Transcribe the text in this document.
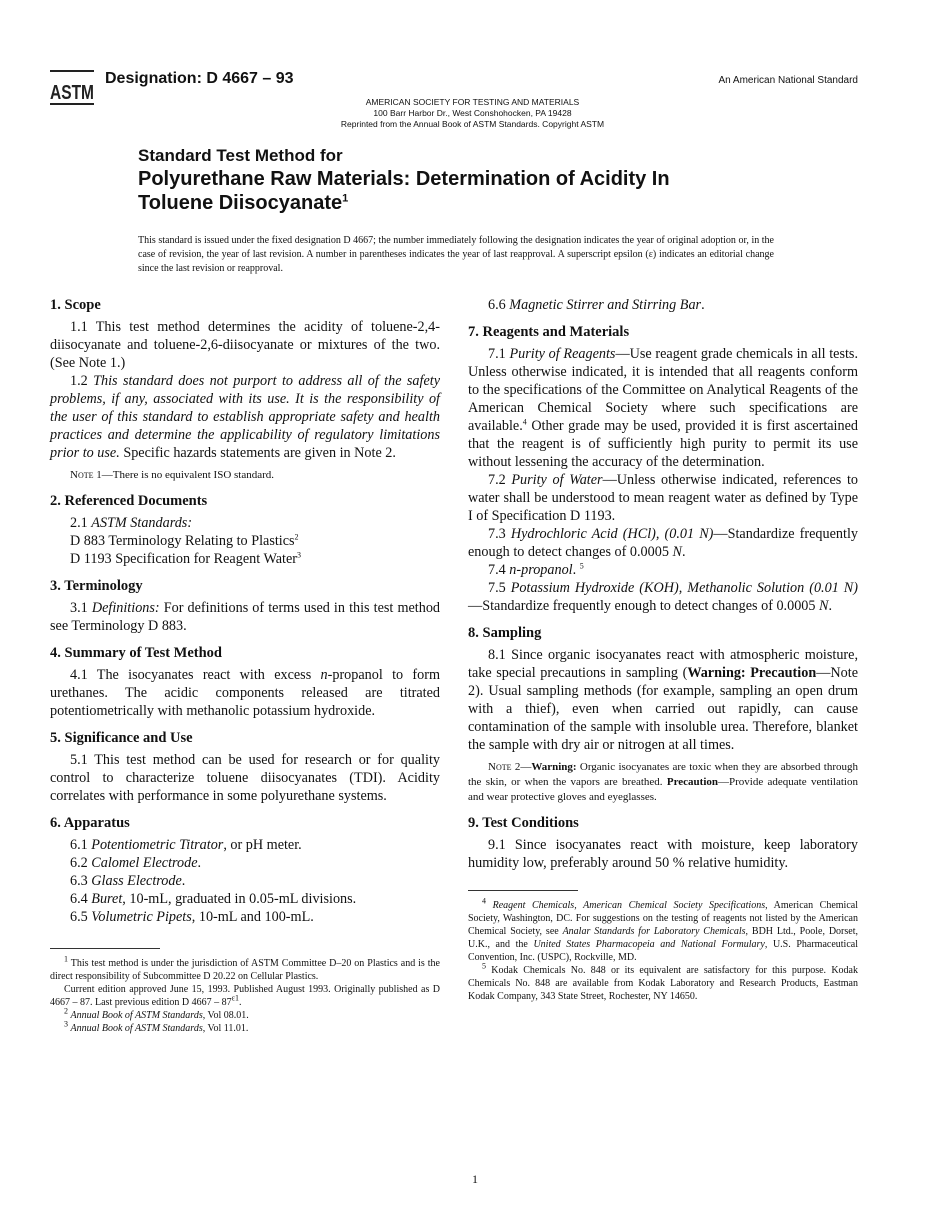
ASTM
Designation: D 4667 – 93	An American National Standard
AMERICAN SOCIETY FOR TESTING AND MATERIALS
100 Barr Harbor Dr., West Conshohocken, PA 19428
Reprinted from the Annual Book of ASTM Standards. Copyright ASTM
Standard Test Method for
Polyurethane Raw Materials: Determination of Acidity In
Toluene Diisocyanate$^1$
This standard is issued under the fixed designation D 4667; the number immediately following the designation indicates the year of original adoption or, in the case of revision, the year of last revision. A number in parentheses indicates the year of last reapproval. A superscript epsilon (ε) indicates an editorial change since the last revision or reapproval.
1. Scope

1.1 This test method determines the acidity of toluene-2,4-diisocyanate and toluene-2,6-diisocyanate or mixtures of the two. (See Note 1.)

1.2 This standard does not purport to address all of the safety problems, if any, associated with its use. It is the responsibility of the user of this standard to establish appropriate safety and health practices and determine the applicability of regulatory limitations prior to use. Specific hazards statements are given in Note 2.

Note 1—There is no equivalent ISO standard.

2. Referenced Documents

2.1 ASTM Standards:

D 883 Terminology Relating to Plastics$^2$

D 1193 Specification for Reagent Water$^3$

3. Terminology

3.1 Definitions: For definitions of terms used in this test method see Terminology D 883.

4. Summary of Test Method

4.1 The isocyanates react with excess n-propanol to form urethanes. The acidic components released are titrated potentiometrically with methanolic potassium hydroxide.

5. Significance and Use

5.1 This test method can be used for research or for quality control to characterize toluene diisocyanates (TDI). Acidity correlates with performance in some polyurethane systems.

6. Apparatus

6.1 Potentiometric Titrator, or pH meter.

6.2 Calomel Electrode.

6.3 Glass Electrode.

6.4 Buret, 10-mL, graduated in 0.05-mL divisions.

6.5 Volumetric Pipets, 10-mL and 100-mL.

$^1$ This test method is under the jurisdiction of ASTM Committee D–20 on Plastics and is the direct responsibility of Subcommittee D 20.22 on Cellular Plastics.

Current edition approved June 15, 1993. Published August 1993. Originally published as D 4667 – 87. Last previous edition D $4667 - 87^{\varepsilon 1}$.

$^2$ Annual Book of ASTM Standards, Vol 08.01.

$^3$ Annual Book of ASTM Standards, Vol 11.01.

6.6 Magnetic Stirrer and Stirring Bar.

7. Reagents and Materials

7.1 Purity of Reagents—Use reagent grade chemicals in all tests. Unless otherwise indicated, it is intended that all reagents conform to the specifications of the Committee on Analytical Reagents of the American Chemical Society where such specifications are available.$^4$ Other grade may be used, provided it is first ascertained that the reagent is of sufficiently high purity to permit its use without lessening the accuracy of the determination.

7.2 Purity of Water—Unless otherwise indicated, references to water shall be understood to mean reagent water as defined by Type I of Specification D 1193.

7.3 Hydrochloric Acid (HCl), (0.01 N)—Standardize frequently enough to detect changes of 0.0005 N.

7.4 n-propanol. $^5$

7.5 Potassium Hydroxide (KOH), Methanolic Solution (0.01 N)—Standardize frequently enough to detect changes of 0.0005 N.

8. Sampling

8.1 Since organic isocyanates react with atmospheric moisture, take special precautions in sampling (Warning: Precaution—Note 2). Usual sampling methods (for example, sampling an open drum with a thief), even when carried out rapidly, can cause contamination of the sample with insoluble urea. Therefore, blanket the sample with dry air or nitrogen at all times.

Note 2—Warning: Organic isocyanates are toxic when they are absorbed through the skin, or when the vapors are breathed. Precaution—Provide adequate ventilation and wear protective gloves and eyeglasses.

9. Test Conditions

9.1 Since isocyanates react with moisture, keep laboratory humidity low, preferably around 50 % relative humidity.

$^4$ Reagent Chemicals, American Chemical Society Specifications, American Chemical Society, Washington, DC. For suggestions on the testing of reagents not listed by the American Chemical Society, see Analar Standards for Laboratory Chemicals, BDH Ltd., Poole, Dorset, U.K., and the United States Pharmacopeia and National Formulary, U.S. Pharmaceutical Convention, Inc. (USPC), Rockville, MD.

$^5$ Kodak Chemicals No. 848 or its equivalent are satisfactory for this purpose. Kodak Chemicals No. 848 are available from Kodak Laboratory and Research Products, Eastman Kodak Company, 343 State Street, Rochester, NY 14650.

1
